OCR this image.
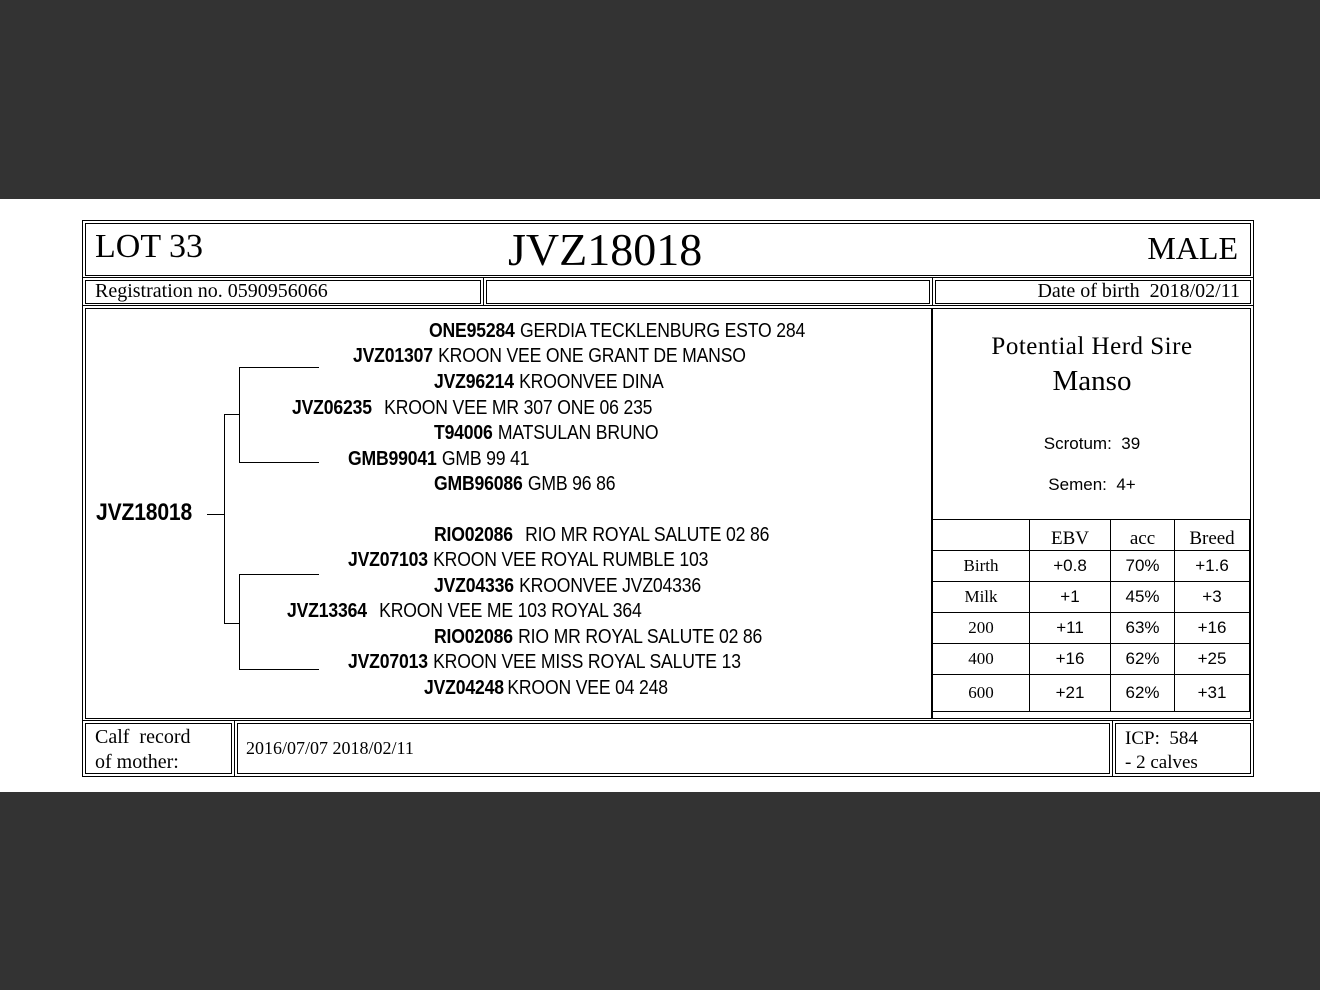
LOT 33	JVZ18018	MALE
Registration no. 0590956066	Date of birth 2018/02/11
JVZ18018
ONE95284 GERDIA TECKLENBURG ESTO 284
JVZ01307 KROON VEE ONE GRANT DE MANSO
JVZ96214 KROONVEE DINA
JVZ06235 KROON VEE MR 307 ONE 06 235
T94006 MATSULAN BRUNO
GMB99041 GMB 99 41
GMB96086 GMB 96 86
RIO02086 RIO MR ROYAL SALUTE 02 86
JVZ07103 KROON VEE ROYAL RUMBLE 103
JVZ04336 KROONVEE JVZ04336
JVZ13364 KROON VEE ME 103 ROYAL 364
RIO02086 RIO MR ROYAL SALUTE 02 86
JVZ07013 KROON VEE MISS ROYAL SALUTE 13
JVZ04248 KROON VEE 04 248
Potential Herd Sire
Manso
Scrotum: 39
Semen: 4+
	EBV	acc	Breed
Birth	+0.8	70%	+1.6
Milk	+1	45%	+3
200	+11	63%	+16
400	+16	62%	+25
600	+21	62%	+31
Calf  record
of mother:
2016/07/07 2018/02/11	ICP:  584
- 2 calves
